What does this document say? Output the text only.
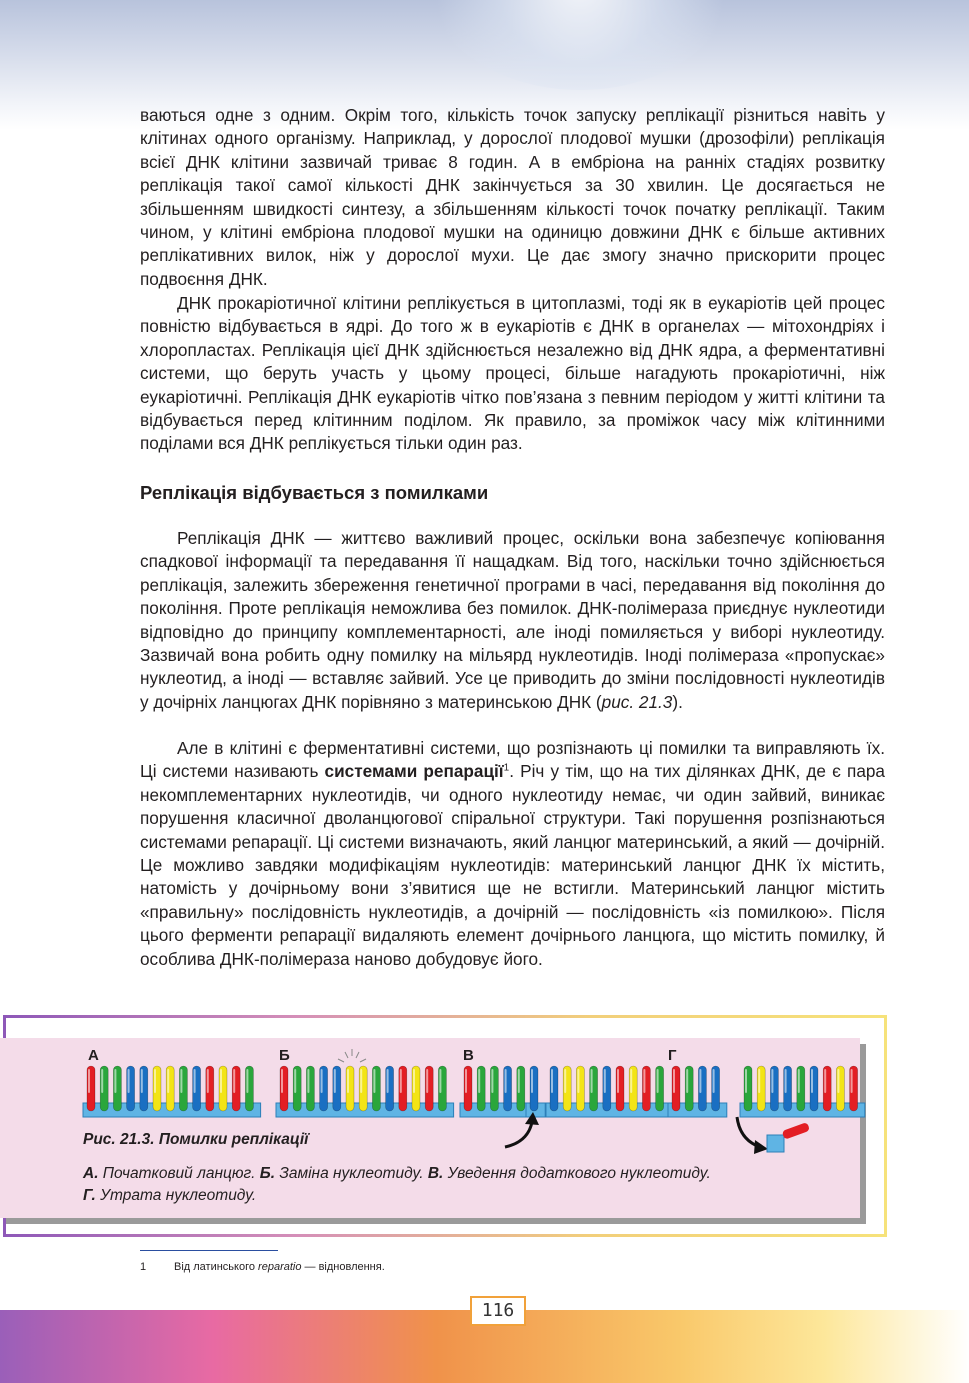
ваються одне з одним. Окрім того, кількість точок запуску реплікації різниться навіть у клітинах одного організму. Наприклад, у дорослої плодової мушки (дрозофіли) реплікація всієї ДНК клітини зазвичай триває 8 годин. А в ембріона на ранніх стадіях розвитку реплікація такої самої кількості ДНК закінчується за 30 хвилин. Це досягається не збільшенням швидкості синтезу, а збільшенням кількості точок початку реплікації. Таким чином, у клітині ембріона плодової мушки на одиницю довжини ДНК є більше активних реплікативних вилок, ніж у дорослої мухи. Це дає змогу значно прискорити процес подвоєння ДНК.

ДНК прокаріотичної клітини реплікується в цитоплазмі, тоді як в еукаріотів цей процес повністю відбувається в ядрі. До того ж в еукаріотів є ДНК в органелах — мітохондріях і хлоропластах. Реплікація цієї ДНК здійснюється незалежно від ДНК ядра, а ферментативні системи, що беруть участь у цьому процесі, більше нагадують прокаріотичні, ніж еукаріотичні. Реплікація ДНК еукаріотів чітко пов’язана з певним періодом у житті клітини та відбувається перед клітинним поділом. Як правило, за проміжок часу між клітинними поділами вся ДНК реплікується тільки один раз.

Реплікація відбувається з помилками

Реплікація ДНК — життєво важливий процес, оскільки вона забезпечує копіювання спадкової інформації та передавання її нащадкам. Від того, наскільки точно здійснюється реплікація, залежить збереження генетичної програми в часі, передавання від покоління до покоління. Проте реплікація неможлива без помилок. ДНК-полімераза приєднує нуклеотиди відповідно до принципу комплементарності, але іноді помиляється у виборі нуклеотиду. Зазвичай вона робить одну помилку на мільярд нуклеотидів. Іноді полімераза «пропускає» нуклеотид, а іноді — вставляє зайвий. Усе це приводить до зміни послідовності нуклеотидів у дочірніх ланцюгах ДНК порівняно з материнською ДНК (рис. 21.3).

Але в клітині є ферментативні системи, що розпізнають ці помилки та виправляють їх. Ці системи називають системами репарації$^1$. Річ у тім, що на тих ділянках ДНК, де є пара некомплементарних нуклеотидів, чи одного нуклеотиду немає, чи один зайвий, виникає порушення класичної дволанцюгової спіральної структури. Такі порушення розпізнаються системами репарації. Ці системи визначають, який ланцюг материнський, а який — дочірній. Це можливо завдяки модифікаціям нуклеотидів: материнський ланцюг ДНК їх містить, натомість у дочірньому вони з’явитися ще не встигли. Материнський ланцюг містить «правильну» послідовність нуклеотидів, а дочірній — послідовність «із помилкою». Після цього ферменти репарації видаляють елемент дочірнього ланцюга, що містить помилку, й особлива ДНК-полімераза наново добудовує його.

А	Б	В	Г
Рис. 21.3. Помилки реплікації
А. Початковий ланцюг. Б. Заміна нуклеотиду. В. Уведення додаткового нуклеотиду.
Г. Утрата нуклеотиду.
1	Від латинського reparatio — відновлення.
116
